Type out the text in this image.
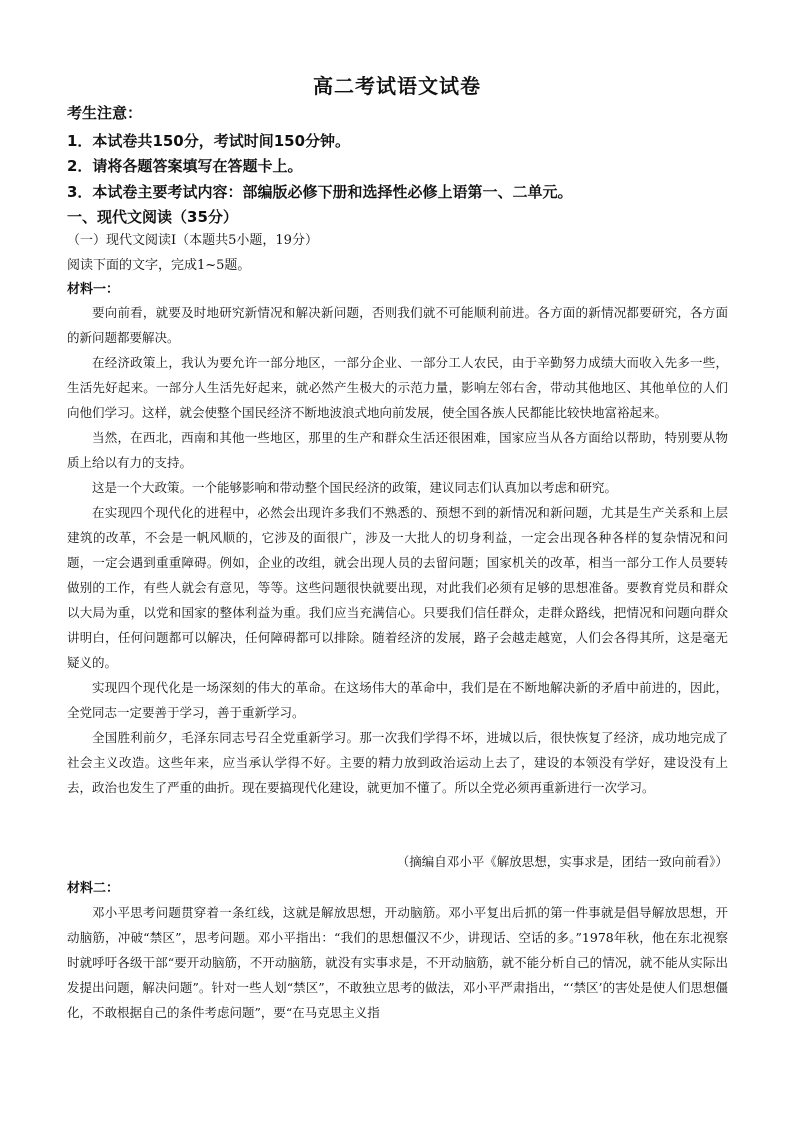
高二考试语文试卷
考生注意：
1．本试卷共150分，考试时间150分钟。
2．请将各题答案填写在答题卡上。
3．本试卷主要考试内容：部编版必修下册和选择性必修上语第一、二单元。
一、现代文阅读（35分）
（一）现代文阅读Ⅰ（本题共5小题，19分）
阅读下面的文字，完成1~5题。
材料一：

要向前看，就要及时地研究新情况和解决新问题，否则我们就不可能顺利前进。各方面的新情况都要研究，各方面的新问题都要解决。

在经济政策上，我认为要允许一部分地区，一部分企业、一部分工人农民，由于辛勤努力成绩大而收入先多一些，生活先好起来。一部分人生活先好起来，就必然产生极大的示范力量，影响左邻右舍，带动其他地区、其他单位的人们向他们学习。这样，就会使整个国民经济不断地波浪式地向前发展，使全国各族人民都能比较快地富裕起来。

当然，在西北，西南和其他一些地区，那里的生产和群众生活还很困难，国家应当从各方面给以帮助，特别要从物质上给以有力的支持。

这是一个大政策。一个能够影响和带动整个国民经济的政策，建议同志们认真加以考虑和研究。

在实现四个现代化的进程中，必然会出现许多我们不熟悉的、预想不到的新情况和新问题，尤其是生产关系和上层建筑的改革，不会是一帆风顺的，它涉及的面很广，涉及一大批人的切身利益，一定会出现各种各样的复杂情况和问题，一定会遇到重重障碍。例如，企业的改组，就会出现人员的去留问题；国家机关的改革，相当一部分工作人员要转做别的工作，有些人就会有意见，等等。这些问题很快就要出现，对此我们必须有足够的思想准备。要教育党员和群众以大局为重，以党和国家的整体利益为重。我们应当充满信心。只要我们信任群众，走群众路线，把情况和问题向群众讲明白，任何问题都可以解决，任何障碍都可以排除。随着经济的发展，路子会越走越宽，人们会各得其所，这是毫无疑义的。

实现四个现代化是一场深刻的伟大的革命。在这场伟大的革命中，我们是在不断地解决新的矛盾中前进的，因此，全党同志一定要善于学习，善于重新学习。

全国胜利前夕，毛泽东同志号召全党重新学习。那一次我们学得不坏，进城以后，很快恢复了经济，成功地完成了社会主义改造。这些年来，应当承认学得不好。主要的精力放到政治运动上去了，建设的本领没有学好，建设没有上去，政治也发生了严重的曲折。现在要搞现代化建设，就更加不懂了。所以全党必须再重新进行一次学习。

（摘编自邓小平《解放思想，实事求是，团结一致向前看》）
材料二：

邓小平思考问题贯穿着一条红线，这就是解放思想，开动脑筋。邓小平复出后抓的第一件事就是倡导解放思想，开动脑筋，冲破“禁区”，思考问题。邓小平指出：“我们的思想僵汉不少，讲现话、空话的多。”1978年秋，他在东北视察时就呼吁各级干部“要开动脑筋，不开动脑筋，就没有实事求是，不开动脑筋，就不能分析自己的情况，就不能从实际出发提出问题，解决问题”。针对一些人划“禁区”，不敢独立思考的做法，邓小平严肃指出，“‘禁区’的害处是使人们思想僵化，不敢根据自己的条件考虑问题”，要“在马克思主义指
